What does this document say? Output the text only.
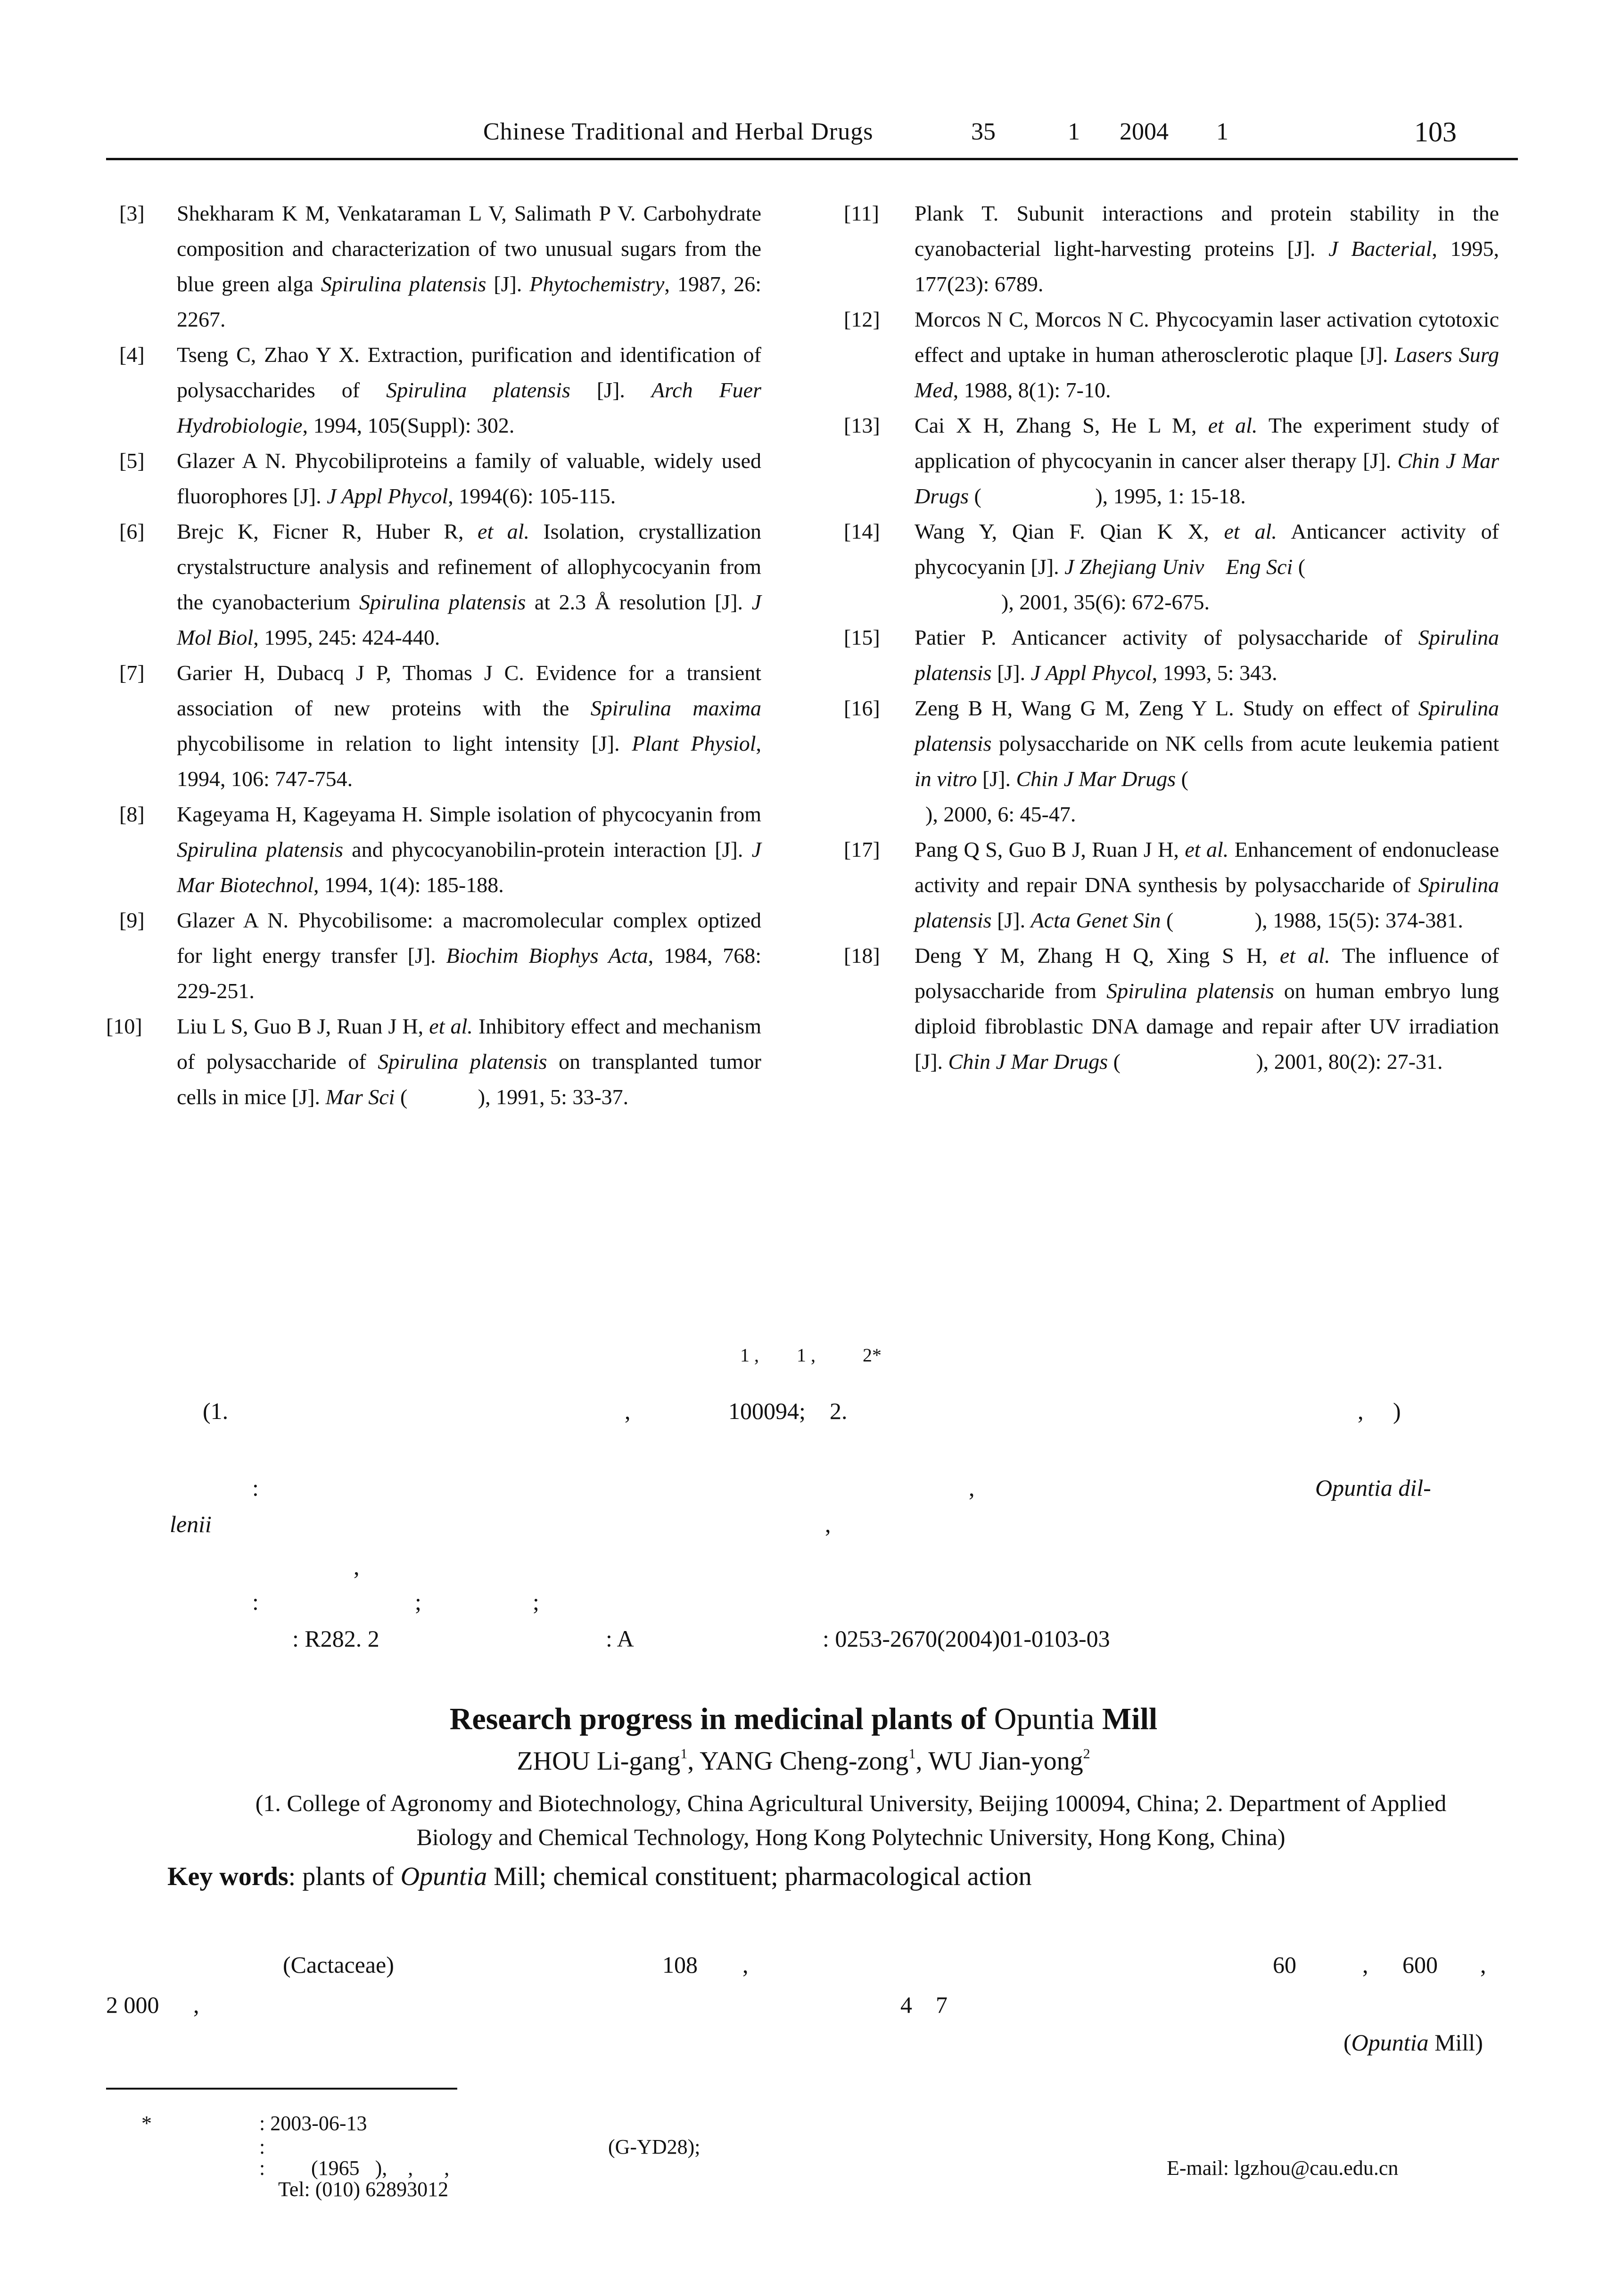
Chinese Traditional and Herbal Drugs	35	1 2004 1	103
[3] Shekharam K M, Venkataraman L V, Salimath P V. Carbohydrate composition and characterization of two unusual sugars from the blue green alga Spirulina platensis [J]. Phytochemistry, 1987, 26: 2267.
[4] Tseng C, Zhao Y X. Extraction, purification and identification of polysaccharides of Spirulina platensis [J]. Arch Fuer Hydrobiologie, 1994, 105(Suppl): 302.
[5] Glazer A N. Phycobiliproteins a family of valuable, widely used fluorophores [J]. J Appl Phycol, 1994(6): 105-115.
[6] Brejc K, Ficner R, Huber R, et al. Isolation, crystallization crystalstructure analysis and refinement of allophycocyanin from the cyanobacterium Spirulina platensis at 2.3 Å resolution [J]. J Mol Biol, 1995, 245: 424-440.
[7] Garier H, Dubacq J P, Thomas J C. Evidence for a transient association of new proteins with the Spirulina maxima phycobilisome in relation to light intensity [J]. Plant Physiol, 1994, 106: 747-754.
[8] Kageyama H, Kageyama H. Simple isolation of phycocyanin from Spirulina platensis and phycocyanobilin-protein interaction [J]. J Mar Biotechnol, 1994, 1(4): 185-188.
[9] Glazer A N. Phycobilisome: a macromolecular complex optized for light energy transfer [J]. Biochim Biophys Acta, 1984, 768: 229-251.
[10] Liu L S, Guo B J, Ruan J H, et al. Inhibitory effect and mechanism of polysaccharide of Spirulina platensis on transplanted tumor cells in mice [J]. Mar Sci (             ), 1991, 5: 33-37.
[11] Plank T. Subunit interactions and protein stability in the cyanobacterial light-harvesting proteins [J]. J Bacterial, 1995, 177(23): 6789.
[12] Morcos N C, Morcos N C. Phycocyamin laser activation cytotoxic effect and uptake in human atherosclerotic plaque [J]. Lasers Surg Med, 1988, 8(1): 7-10.
[13] Cai X H, Zhang S, He L M, et al. The experiment study of application of phycocyanin in cancer alser therapy [J]. Chin J Mar Drugs (                     ), 1995, 1: 15-18.
[14] Wang Y, Qian F. Qian K X, et al. Anticancer activity of phycocyanin [J]. J Zhejiang Univ    Eng Sci (
), 2001, 35(6): 672-675.
[15] Patier P. Anticancer activity of polysaccharide of Spirulina platensis [J]. J Appl Phycol, 1993, 5: 343.
[16] Zeng B H, Wang G M, Zeng Y L. Study on effect of Spirulina platensis polysaccharide on NK cells from acute leukemia patient in vitro [J]. Chin J Mar Drugs (
), 2000, 6: 45-47.
[17] Pang Q S, Guo B J, Ruan J H, et al. Enhancement of endonuclease activity and repair DNA synthesis by polysaccharide of Spirulina platensis [J]. Acta Genet Sin (               ), 1988, 15(5): 374-381.
[18] Deng Y M, Zhang H Q, Xing S H, et al. The influence of polysaccharide from Spirulina platensis on human embryo lung diploid fibroblastic DNA damage and repair after UV irradiation [J]. Chin J Mar Drugs (                         ), 2001, 80(2): 27-31.
1 ,        1 ,          2*
(1.	,	100094; 2.	,     )
:	,	Opuntia dil-
lenii	,
,
:	;	;
: R282. 2	: A	: 0253-2670(2004)01-0103-03
Research progress in medicinal plants of Opuntia Mill
ZHOU Li-gang$^1$, YANG Cheng-zong$^1$, WU Jian-yong$^2$
(1. College of Agronomy and Biotechnology, China Agricultural University, Beijing 100094, China; 2. Department of Applied Biology and Chemical Technology, Hong Kong Polytechnic University, Hong Kong, China)
Key words: plants of Opuntia Mill; chemical constituent; pharmacological action
(Cactaceae)	108 ,	60	, 600 ,
2 000 ,	4    7
(Opuntia Mill)
*	: 2003-06-13
:	(G-YD28);
: (1965   ),    ,      ,	E-mail: lgzhou@cau.edu.cn
Tel: (010) 62893012
